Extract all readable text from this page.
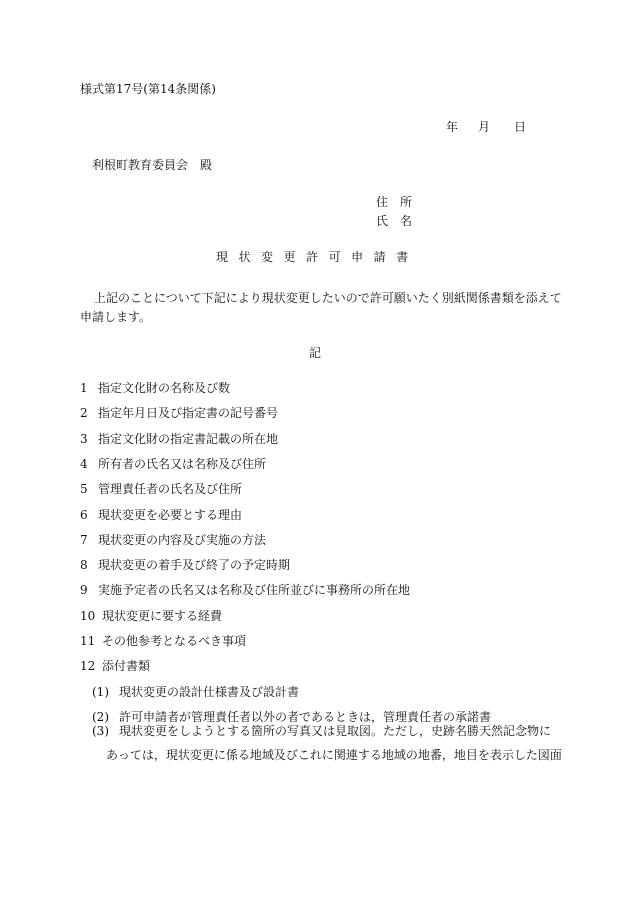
様式第17号(第14条関係)
年 月 日
利根町教育委員会　殿
住　所
氏　名
現 状 変 更 許 可 申 請 書
上記のことについて下記により現状変更したいので許可願いたく別紙関係書類を添えて
申請します。
記
1 指定文化財の名称及び数
2 指定年月日及び指定書の記号番号
3 指定文化財の指定書記載の所在地
4 所有者の氏名又は名称及び住所
5 管理責任者の氏名及び住所
6 現状変更を必要とする理由
7 現状変更の内容及び実施の方法
8 現状変更の着手及び終了の予定時期
9 実施予定者の氏名又は名称及び住所並びに事務所の所在地
10 現状変更に要する経費
11 その他参考となるべき事項
12 添付書類
(1) 現状変更の設計仕様書及び設計書
(2) 許可申請者が管理責任者以外の者であるときは，管理責任者の承諾書
(3) 現状変更をしようとする箇所の写真又は見取図。ただし，史跡名勝天然記念物に
あっては，現状変更に係る地域及びこれに関連する地域の地番，地目を表示した図面
